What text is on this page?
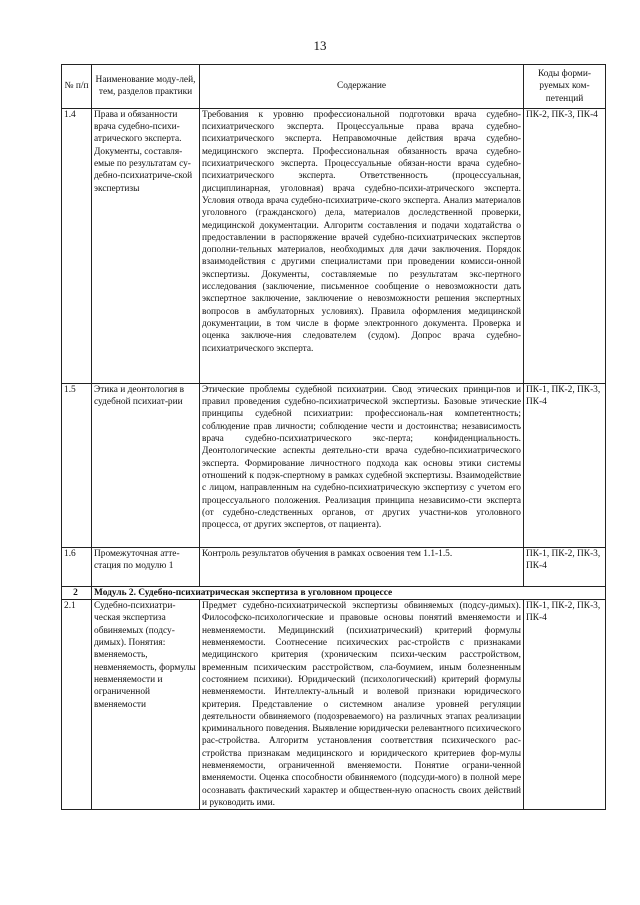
13
№ п/п	Наименование моду-лей, тем, разделов практики	Содержание	Коды форми-руемых ком-петенций
1.4	Права и обязанности врача судебно-психи-атрического эксперта. Документы, составля-емые по результатам су-дебно-психиатриче-ской экспертизы	Требования к уровню профессиональной подготовки врача судебно-психиатрического эксперта. Процессуальные права врача судебно-психиатрического эксперта. Неправомочные действия врача судебно-медицинского эксперта. Профессиональная обязанность врача судебно-психиатрического эксперта. Процессуальные обязан-ности врача судебно-психиатрического эксперта. Ответственность (процессуальная, дисциплинарная, уголовная) врача судебно-психи-атрического эксперта. Условия отвода врача судебно-психиатриче-ского эксперта. Анализ материалов уголовного (гражданского) дела, материалов доследственной проверки, медицинской документации. Алгоритм составления и подачи ходатайства о предоставлении в распоряжение врачей судебно-психиатрических экспертов дополни-тельных материалов, необходимых для дачи заключения. Порядок взаимодействия с другими специалистами при проведении комисси-онной экспертизы. Документы, составляемые по результатам экс-пертного исследования (заключение, письменное сообщение о невозможности дать экспертное заключение, заключение о невозможности решения экспертных вопросов в амбулаторных условиях). Правила оформления медицинской документации, в том числе в форме электронного документа. Проверка и оценка заключе-ния следователем (судом). Допрос врача судебно-психиатрического эксперта.	ПК-2, ПК-3, ПК-4
1.5	Этика и деонтология в судебной психиат-рии	Этические проблемы судебной психиатрии. Свод этических принци-пов и правил проведения судебно-психиатрической экспертизы. Базовые этические принципы судебной психиатрии: профессиональ-ная компетентность; соблюдение прав личности; соблюдение чести и достоинства; независимость врача судебно-психиатрического экс-перта; конфиденциальность. Деонтологические аспекты деятельно-сти врача судебно-психиатрического эксперта. Формирование личностного подхода как основы этики системы отношений к подэк-спертному в рамках судебной экспертизы. Взаимодействие с лицом, направленным на судебно-психиатрическую экспертизу с учетом его процессуального положения. Реализация принципа независимо-сти эксперта (от судебно-следственных органов, от других участни-ков уголовного процесса, от других экспертов, от пациента).	ПК-1, ПК-2, ПК-3, ПК-4
1.6	Промежуточная атте-стация по модулю 1	Контроль результатов обучения в рамках освоения тем 1.1-1.5.	ПК-1, ПК-2, ПК-3, ПК-4
2	Модуль 2. Судебно-психиатрическая экспертиза в уголовном процессе		
2.1	Судебно-психиатри-ческая экспертиза обвиняемых (подсу-димых). Понятия: вменяемость, невменяемость, формулы невменяемости и ограниченной вменяемости	Предмет судебно-психиатрической экспертизы обвиняемых (подсу-димых). Философско-психологические и правовые основы понятий вменяемости и невменяемости. Медицинский (психиатрический) критерий формулы невменяемости. Соотнесение психических рас-стройств с признаками медицинского критерия (хроническим психи-ческим расстройством, временным психическим расстройством, сла-боумием, иным болезненным состоянием психики). Юридический (психологический) критерий формулы невменяемости. Интеллекту-альный и волевой признаки юридического критерия. Представление о системном анализе уровней регуляции деятельности обвиняемого (подозреваемого) на различных этапах реализации криминального поведения. Выявление юридически релевантного психического рас-стройства. Алгоритм установления соответствия психического рас-стройства признакам медицинского и юридического критериев фор-мулы невменяемости, ограниченной вменяемости. Понятие ограни-ченной вменяемости. Оценка способности обвиняемого (подсуди-мого) в полной мере осознавать фактический характер и обществен-ную опасность своих действий и руководить ими.	ПК-1, ПК-2, ПК-3, ПК-4
